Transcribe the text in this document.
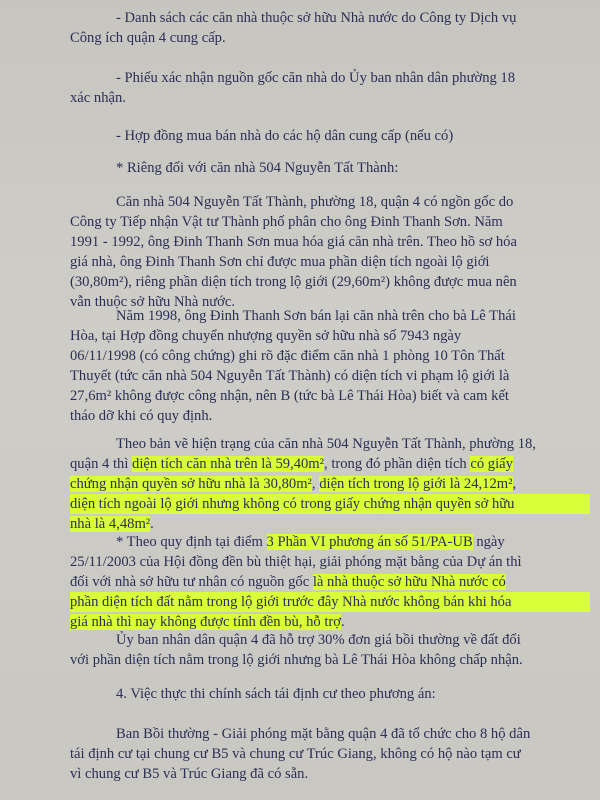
- Danh sách các căn nhà thuộc sở hữu Nhà nước do Công ty Dịch vụ
Công ích quận 4 cung cấp.
- Phiếu xác nhận nguồn gốc căn nhà do Ủy ban nhân dân phường 18
xác nhận.
- Hợp đồng mua bán nhà do các hộ dân cung cấp (nếu có)
* Riêng đối với căn nhà 504 Nguyễn Tất Thành:
Căn nhà 504 Nguyễn Tất Thành, phường 18, quận 4 có ngồn gốc do
Công ty Tiếp nhận Vật tư Thành phố phân cho ông Đinh Thanh Sơn. Năm
1991 - 1992, ông Đinh Thanh Sơn mua hóa giá căn nhà trên. Theo hồ sơ hóa
giá nhà, ông Đinh Thanh Sơn chỉ được mua phần diện tích ngoài lộ giới
(30,80m²), riêng phần diện tích trong lộ giới (29,60m²) không được mua nên
vẫn thuộc sở hữu Nhà nước.
Năm 1998, ông Đinh Thanh Sơn bán lại căn nhà trên cho bà Lê Thái
Hòa, tại Hợp đồng chuyển nhượng quyền sở hữu nhà số 7943 ngày
06/11/1998 (có công chứng) ghi rõ đặc điểm căn nhà 1 phòng 10 Tôn Thất
Thuyết (tức căn nhà 504 Nguyễn Tất Thành) có diện tích vi phạm lộ giới là
27,6m² không được công nhận, nên B (tức bà Lê Thái Hòa) biết và cam kết
tháo dỡ khi có quy định.
Theo bản vẽ hiện trạng của căn nhà 504 Nguyễn Tất Thành, phường 18,
quận 4 thì diện tích căn nhà trên là 59,40m², trong đó phần diện tích có giấy
chứng nhận quyền sở hữu nhà là 30,80m², diện tích trong lộ giới là 24,12m²,
diện tích ngoài lộ giới nhưng không có trong giấy chứng nhận quyền sở hữu
nhà là 4,48m².
* Theo quy định tại điểm 3 Phần VI phương án số 51/PA-UB ngày
25/11/2003 của Hội đồng đền bù thiệt hại, giải phóng mặt bằng của Dự án thì
đối với nhà sở hữu tư nhân có nguồn gốc là nhà thuộc sở hữu Nhà nước có
phần diện tích đất nằm trong lộ giới trước đây Nhà nước không bán khi hóa
giá nhà thì nay không được tính đền bù, hỗ trợ.
Ủy ban nhân dân quận 4 đã hỗ trợ 30% đơn giá bồi thường về đất đối
với phần diện tích nằm trong lộ giới nhưng bà Lê Thái Hòa không chấp nhận.
4. Việc thực thi chính sách tái định cư theo phương án:
Ban Bồi thường - Giải phóng mặt bằng quận 4 đã tổ chức cho 8 hộ dân
tái định cư tại chung cư B5 và chung cư Trúc Giang, không có hộ nào tạm cư
vì chung cư B5 và Trúc Giang đã có sẵn.
